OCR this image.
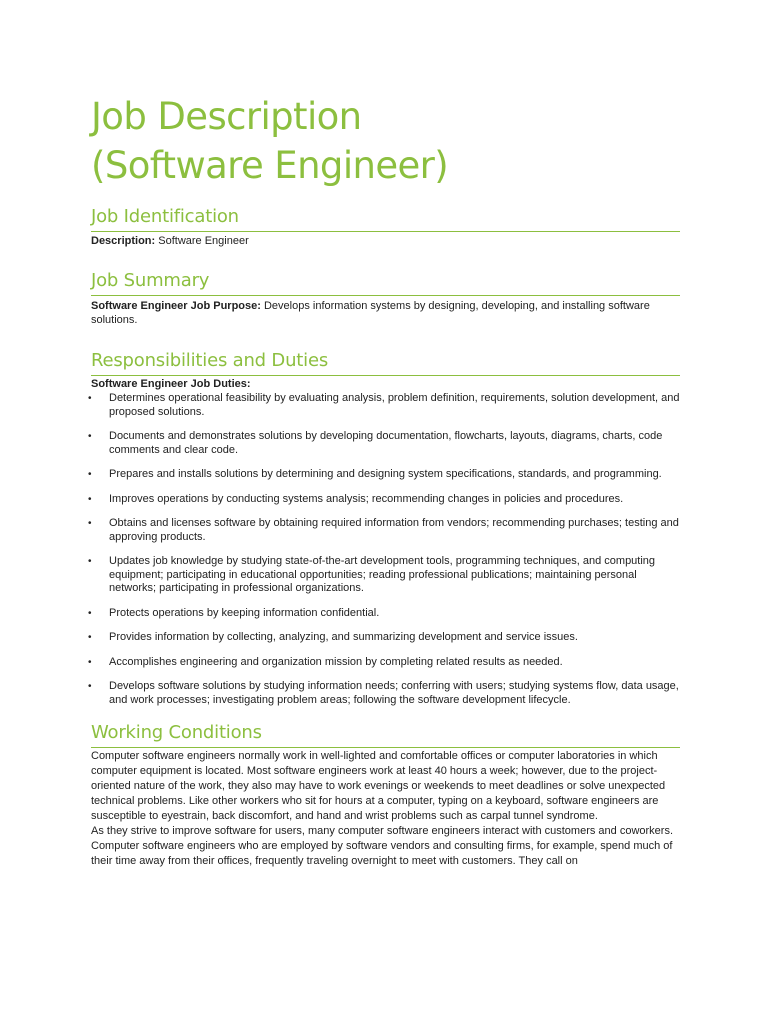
Job Description
(Software Engineer)
Job Identification

Description: Software Engineer

Job Summary

Software Engineer Job Purpose: Develops information systems by designing, developing, and installing software solutions.

Responsibilities and Duties

Software Engineer Job Duties:

• Determines operational feasibility by evaluating analysis, problem definition, requirements, solution development, and proposed solutions.
• Documents and demonstrates solutions by developing documentation, flowcharts, layouts, diagrams, charts, code comments and clear code.
• Prepares and installs solutions by determining and designing system specifications, standards, and programming.
• Improves operations by conducting systems analysis; recommending changes in policies and procedures.
• Obtains and licenses software by obtaining required information from vendors; recommending purchases; testing and approving products.
• Updates job knowledge by studying state-of-the-art development tools, programming techniques, and computing equipment; participating in educational opportunities; reading professional publications; maintaining personal networks; participating in professional organizations.
• Protects operations by keeping information confidential.
• Provides information by collecting, analyzing, and summarizing development and service issues.
• Accomplishes engineering and organization mission by completing related results as needed.
• Develops software solutions by studying information needs; conferring with users; studying systems flow, data usage, and work processes; investigating problem areas; following the software development lifecycle.
Working Conditions

Computer software engineers normally work in well-lighted and comfortable offices or computer laboratories in which computer equipment is located. Most software engineers work at least 40 hours a week; however, due to the project-oriented nature of the work, they also may have to work evenings or weekends to meet deadlines or solve unexpected technical problems. Like other workers who sit for hours at a computer, typing on a keyboard, software engineers are susceptible to eyestrain, back discomfort, and hand and wrist problems such as carpal tunnel syndrome.

As they strive to improve software for users, many computer software engineers interact with customers and coworkers. Computer software engineers who are employed by software vendors and consulting firms, for example, spend much of their time away from their offices, frequently traveling overnight to meet with customers. They call on
